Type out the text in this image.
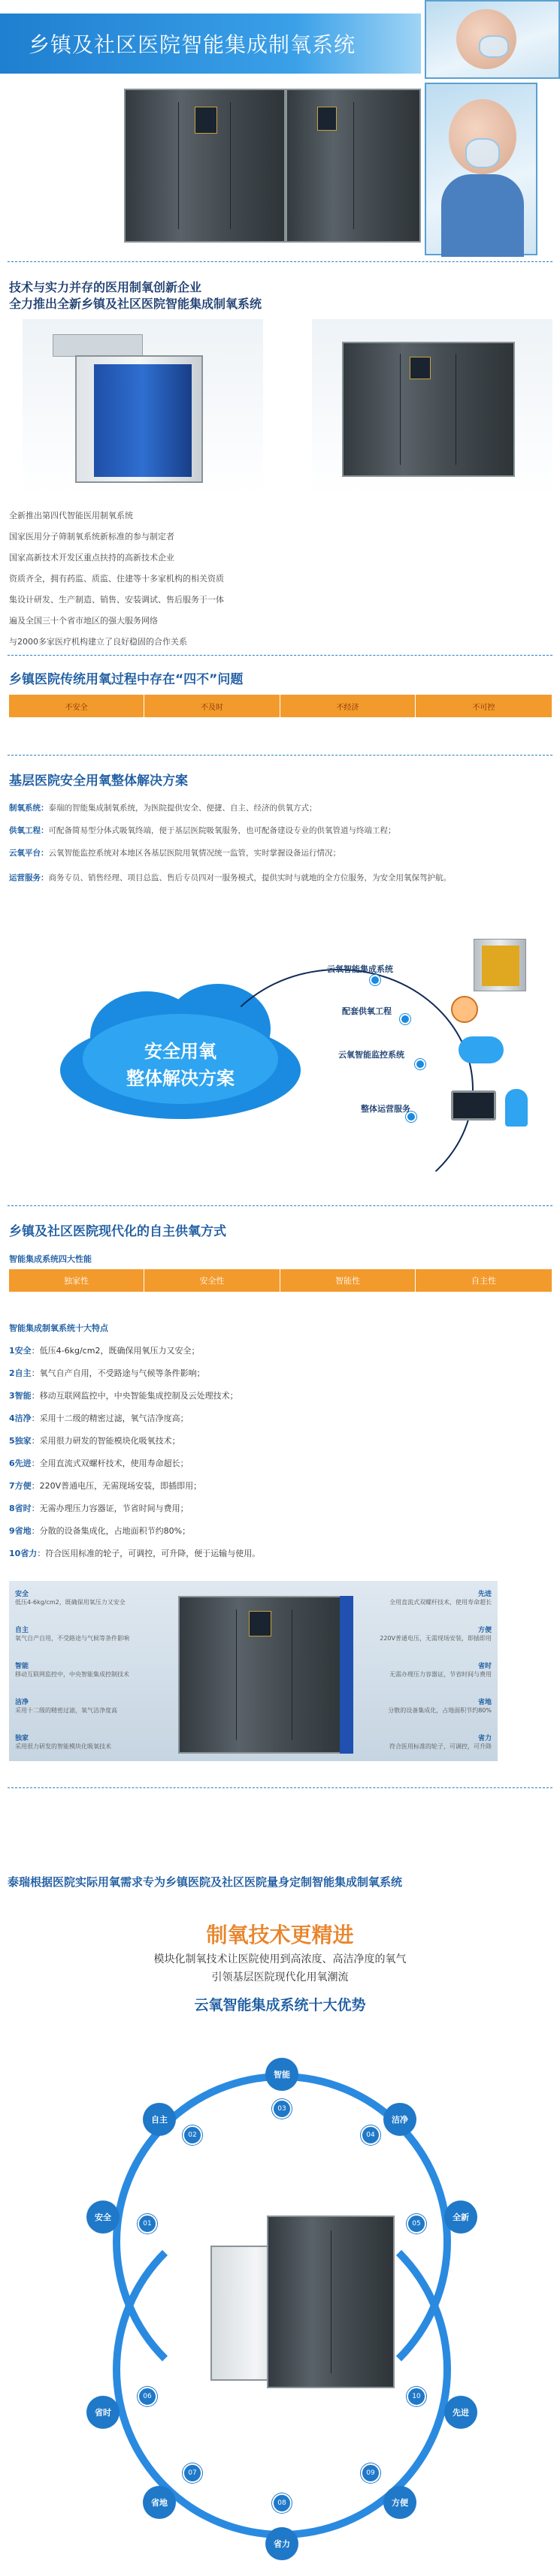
乡镇及社区医院智能集成制氧系统
技术与实力并存的医用制氧创新企业
全力推出全新乡镇及社区医院智能集成制氧系统
全新推出第四代智能医用制氧系统
国家医用分子筛制氧系统新标准的参与制定者
国家高新技术开发区重点扶持的高新技术企业
资质齐全，拥有药监、质监、住建等十多家机构的相关资质
集设计研发、生产制造、销售、安装调试、售后服务于一体
遍及全国三十个省市地区的强大服务网络
与2000多家医疗机构建立了良好稳固的合作关系
乡镇医院传统用氧过程中存在“四不”问题
不安全	不及时	不经济	不可控
基层医院安全用氧整体解决方案
制氧系统：泰瑞的智能集成制氧系统，为医院提供安全、便捷、自主、经济的供氧方式；
供氧工程：可配备简易型分体式吸氧终端，便于基层医院吸氧服务，也可配备建设专业的供氧管道与终端工程；
云氧平台：云氧智能监控系统对本地区各基层医院用氧情况统一监管，实时掌握设备运行情况；
运营服务：商务专员、销售经理、项目总监、售后专员四对一服务模式，提供实时与就地的全方位服务，为安全用氧保驾护航。
安全用氧
整体解决方案
云氧智能集成系统
配套供氧工程
云氧智能监控系统
整体运营服务
乡镇及社区医院现代化的自主供氧方式
智能集成系统四大性能
独家性	安全性	智能性	自主性
智能集成制氧系统十大特点
1安全：低压4-6kg/cm2，既确保用氧压力又安全；
2自主：氧气自产自用，不受路途与气候等条件影响；
3智能：移动互联网监控中，中央智能集成控制及云处理技术；
4洁净：采用十二级的精密过滤，氧气洁净度高；
5独家：采用很力研发的智能模块化吸氧技术；
6先进：全用直流式双螺杆技术，使用寿命超长；
7方便：220V普通电压，无需现场安装，即插即用；
8省时：无需办理压力容器证，节省时间与费用；
9省地：分散的设备集成化，占地面积节约80%；
10省力：符合医用标准的轮子，可调控，可升降，便于运输与使用。
安全
低压4-6kg/cm2，既确保用氧压力又安全
自主
氧气自产自用，不受路途与气候等条件影响
智能
移动互联网监控中，中央智能集成控制技术
洁净
采用十二级的精密过滤，氧气洁净度高
独家
采用很力研发的智能模块化吸氧技术
先进
全用直流式双螺杆技术，使用寿命超长
方便
220V普通电压，无需现场安装，即插即用
省时
无需办理压力容器证，节省时间与费用
省地
分散的设备集成化，占地面积节约80%
省力
符合医用标准的轮子，可调控，可升降
泰瑞根据医院实际用氧需求专为乡镇医院及社区医院量身定制智能集成制氧系统
制氧技术更精进
模块化制氧技术让医院使用到高浓度、高洁净度的氧气
引领基层医院现代化用氧潮流
云氧智能集成系统十大优势
安全
01
自主
02
智能
03
洁净
04
全新
05
先进
10
方便
09
省力
08
省地
07
省时
06
